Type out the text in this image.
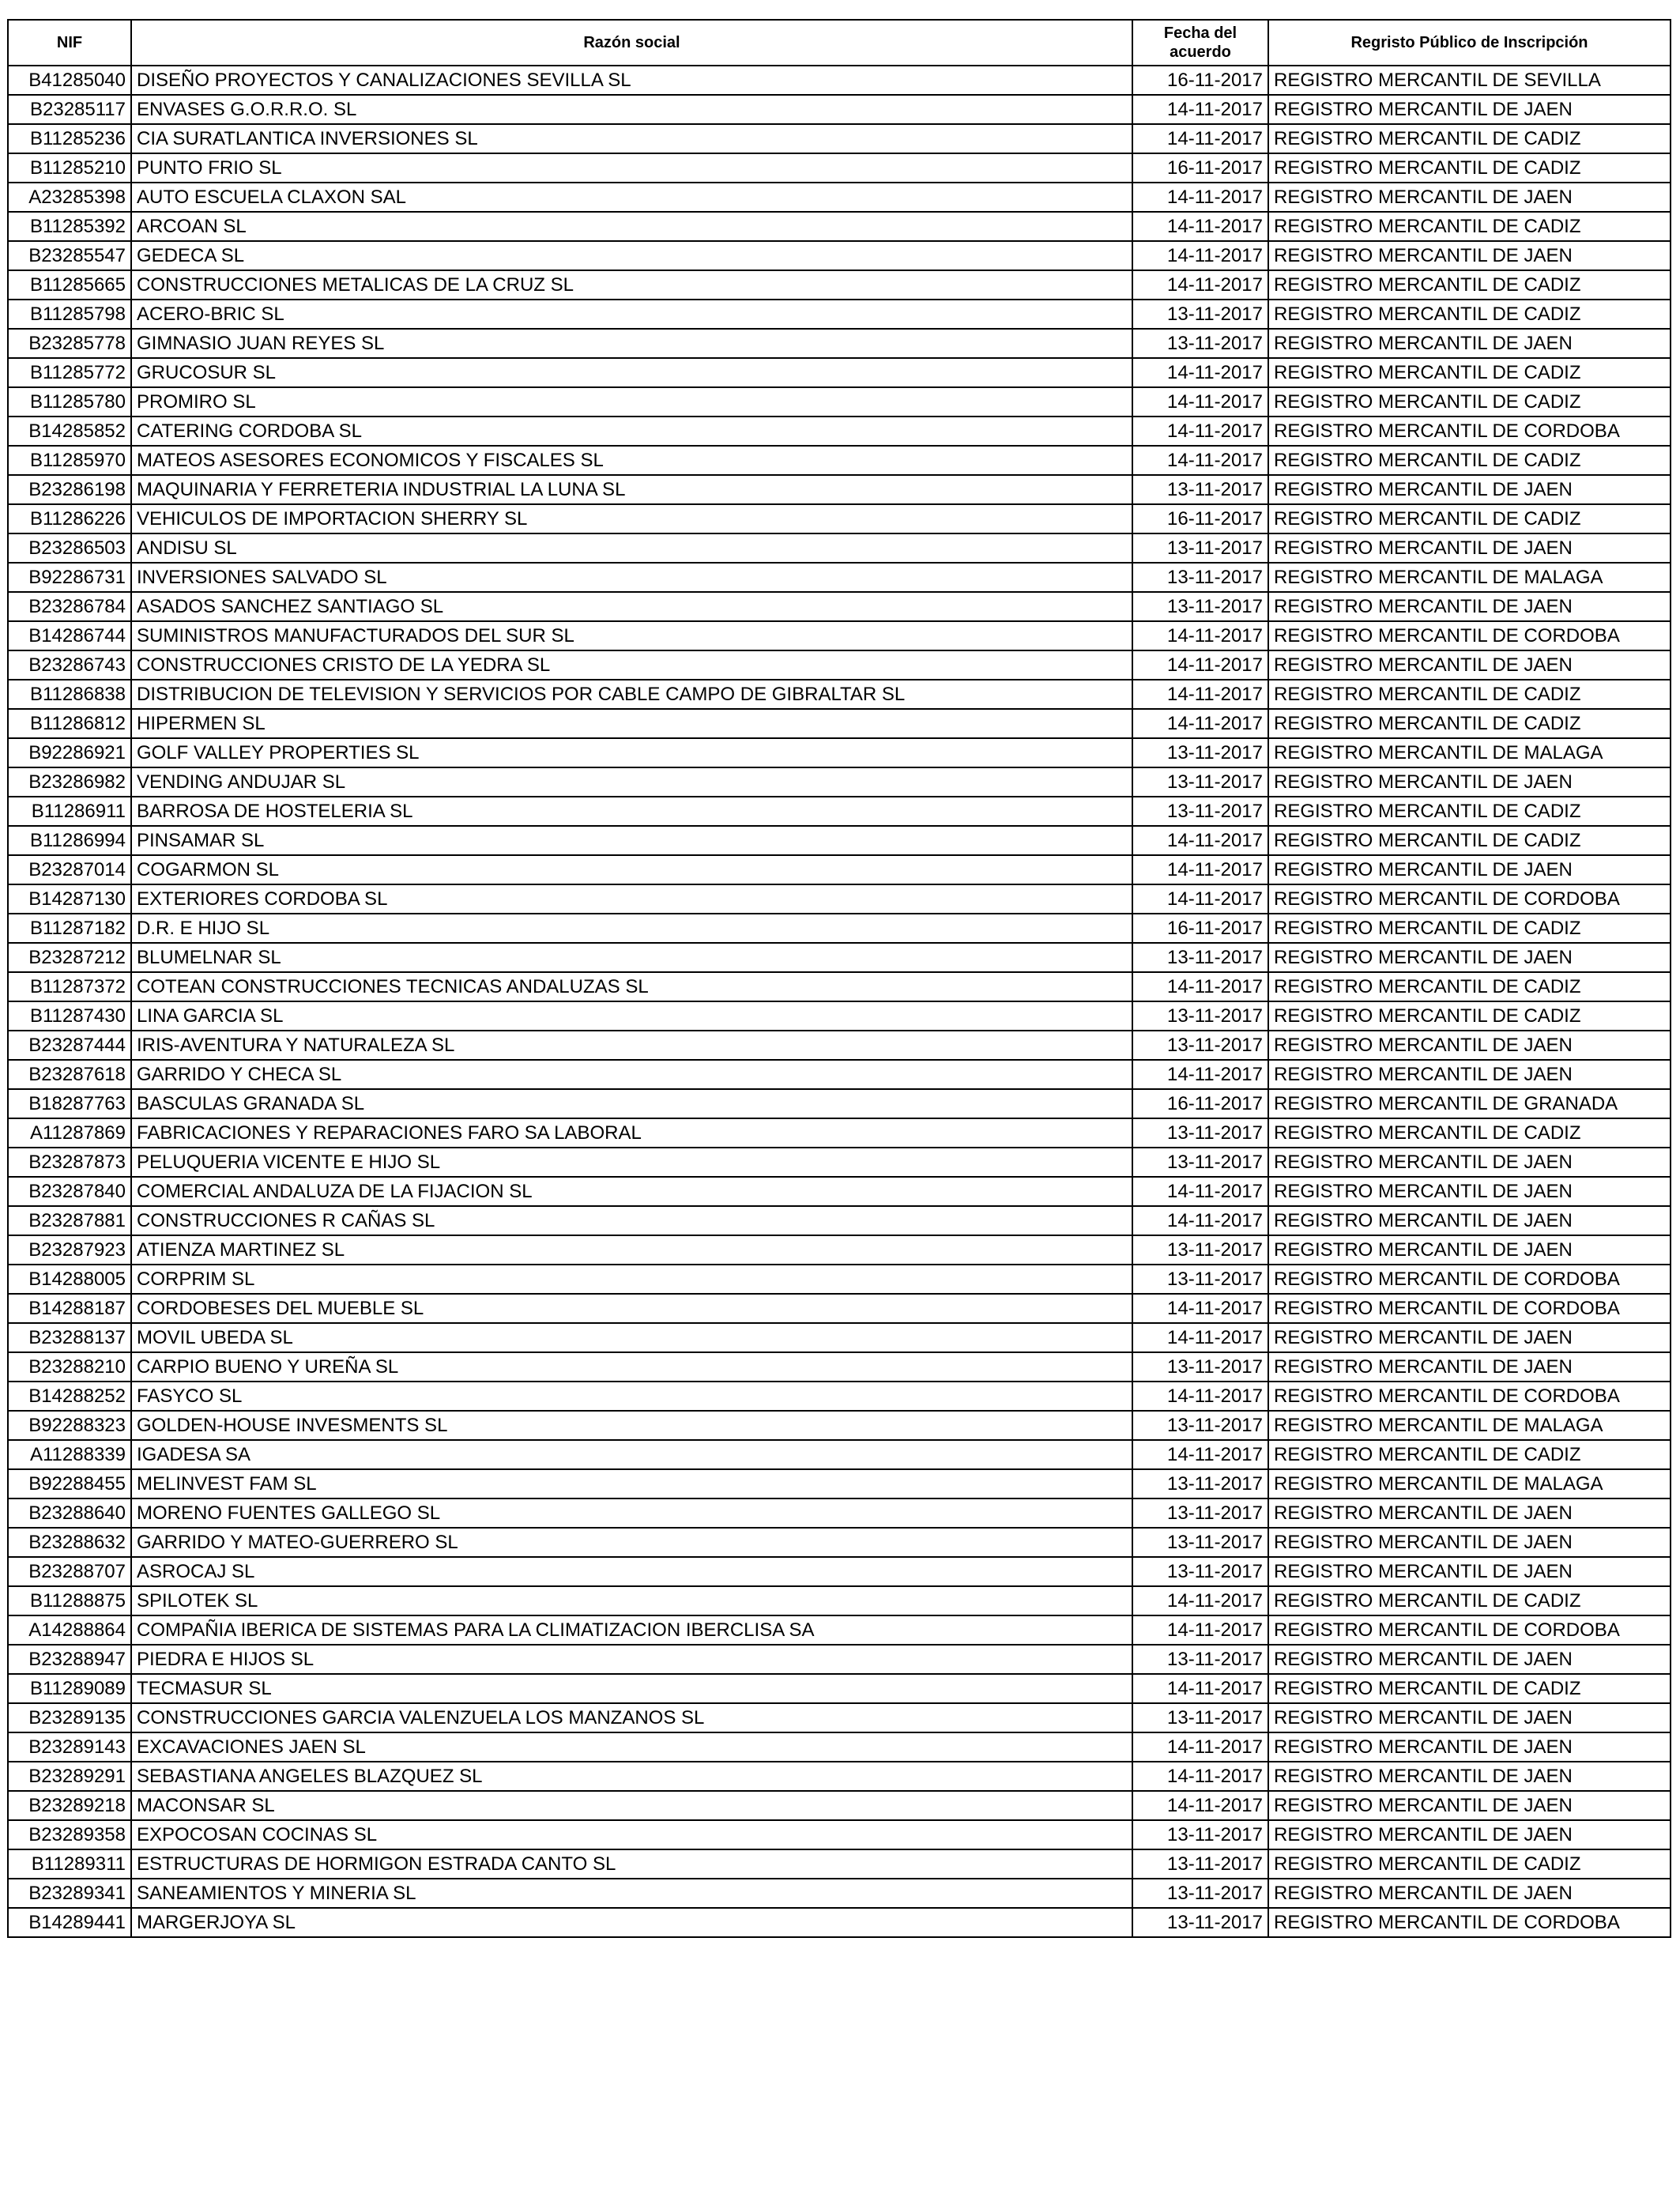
NIF	Razón social	Fecha del acuerdo	Regristo Público de Inscripción
B41285040	DISEÑO PROYECTOS Y CANALIZACIONES SEVILLA SL	16-11-2017	REGISTRO MERCANTIL DE SEVILLA
B23285117	ENVASES G.O.R.R.O. SL	14-11-2017	REGISTRO MERCANTIL DE JAEN
B11285236	CIA SURATLANTICA INVERSIONES SL	14-11-2017	REGISTRO MERCANTIL DE CADIZ
B11285210	PUNTO FRIO SL	16-11-2017	REGISTRO MERCANTIL DE CADIZ
A23285398	AUTO ESCUELA CLAXON SAL	14-11-2017	REGISTRO MERCANTIL DE JAEN
B11285392	ARCOAN SL	14-11-2017	REGISTRO MERCANTIL DE CADIZ
B23285547	GEDECA SL	14-11-2017	REGISTRO MERCANTIL DE JAEN
B11285665	CONSTRUCCIONES METALICAS DE LA CRUZ SL	14-11-2017	REGISTRO MERCANTIL DE CADIZ
B11285798	ACERO-BRIC SL	13-11-2017	REGISTRO MERCANTIL DE CADIZ
B23285778	GIMNASIO JUAN REYES SL	13-11-2017	REGISTRO MERCANTIL DE JAEN
B11285772	GRUCOSUR SL	14-11-2017	REGISTRO MERCANTIL DE CADIZ
B11285780	PROMIRO SL	14-11-2017	REGISTRO MERCANTIL DE CADIZ
B14285852	CATERING CORDOBA SL	14-11-2017	REGISTRO MERCANTIL DE CORDOBA
B11285970	MATEOS ASESORES ECONOMICOS Y FISCALES SL	14-11-2017	REGISTRO MERCANTIL DE CADIZ
B23286198	MAQUINARIA Y FERRETERIA INDUSTRIAL LA LUNA SL	13-11-2017	REGISTRO MERCANTIL DE JAEN
B11286226	VEHICULOS DE IMPORTACION SHERRY SL	16-11-2017	REGISTRO MERCANTIL DE CADIZ
B23286503	ANDISU SL	13-11-2017	REGISTRO MERCANTIL DE JAEN
B92286731	INVERSIONES SALVADO SL	13-11-2017	REGISTRO MERCANTIL DE MALAGA
B23286784	ASADOS SANCHEZ SANTIAGO SL	13-11-2017	REGISTRO MERCANTIL DE JAEN
B14286744	SUMINISTROS MANUFACTURADOS DEL SUR SL	14-11-2017	REGISTRO MERCANTIL DE CORDOBA
B23286743	CONSTRUCCIONES CRISTO DE LA YEDRA SL	14-11-2017	REGISTRO MERCANTIL DE JAEN
B11286838	DISTRIBUCION DE TELEVISION Y SERVICIOS POR CABLE CAMPO DE GIBRALTAR SL	14-11-2017	REGISTRO MERCANTIL DE CADIZ
B11286812	HIPERMEN SL	14-11-2017	REGISTRO MERCANTIL DE CADIZ
B92286921	GOLF VALLEY PROPERTIES SL	13-11-2017	REGISTRO MERCANTIL DE MALAGA
B23286982	VENDING ANDUJAR SL	13-11-2017	REGISTRO MERCANTIL DE JAEN
B11286911	BARROSA DE HOSTELERIA SL	13-11-2017	REGISTRO MERCANTIL DE CADIZ
B11286994	PINSAMAR SL	14-11-2017	REGISTRO MERCANTIL DE CADIZ
B23287014	COGARMON SL	14-11-2017	REGISTRO MERCANTIL DE JAEN
B14287130	EXTERIORES CORDOBA SL	14-11-2017	REGISTRO MERCANTIL DE CORDOBA
B11287182	D.R. E HIJO SL	16-11-2017	REGISTRO MERCANTIL DE CADIZ
B23287212	BLUMELNAR SL	13-11-2017	REGISTRO MERCANTIL DE JAEN
B11287372	COTEAN CONSTRUCCIONES TECNICAS ANDALUZAS SL	14-11-2017	REGISTRO MERCANTIL DE CADIZ
B11287430	LINA GARCIA SL	13-11-2017	REGISTRO MERCANTIL DE CADIZ
B23287444	IRIS-AVENTURA Y NATURALEZA SL	13-11-2017	REGISTRO MERCANTIL DE JAEN
B23287618	GARRIDO Y CHECA SL	14-11-2017	REGISTRO MERCANTIL DE JAEN
B18287763	BASCULAS GRANADA SL	16-11-2017	REGISTRO MERCANTIL DE GRANADA
A11287869	FABRICACIONES Y REPARACIONES FARO SA LABORAL	13-11-2017	REGISTRO MERCANTIL DE CADIZ
B23287873	PELUQUERIA VICENTE E HIJO SL	13-11-2017	REGISTRO MERCANTIL DE JAEN
B23287840	COMERCIAL ANDALUZA DE LA FIJACION SL	14-11-2017	REGISTRO MERCANTIL DE JAEN
B23287881	CONSTRUCCIONES R CAÑAS SL	14-11-2017	REGISTRO MERCANTIL DE JAEN
B23287923	ATIENZA MARTINEZ SL	13-11-2017	REGISTRO MERCANTIL DE JAEN
B14288005	CORPRIM SL	13-11-2017	REGISTRO MERCANTIL DE CORDOBA
B14288187	CORDOBESES DEL MUEBLE SL	14-11-2017	REGISTRO MERCANTIL DE CORDOBA
B23288137	MOVIL UBEDA SL	14-11-2017	REGISTRO MERCANTIL DE JAEN
B23288210	CARPIO BUENO Y UREÑA SL	13-11-2017	REGISTRO MERCANTIL DE JAEN
B14288252	FASYCO SL	14-11-2017	REGISTRO MERCANTIL DE CORDOBA
B92288323	GOLDEN-HOUSE INVESMENTS SL	13-11-2017	REGISTRO MERCANTIL DE MALAGA
A11288339	IGADESA SA	14-11-2017	REGISTRO MERCANTIL DE CADIZ
B92288455	MELINVEST FAM SL	13-11-2017	REGISTRO MERCANTIL DE MALAGA
B23288640	MORENO FUENTES GALLEGO SL	13-11-2017	REGISTRO MERCANTIL DE JAEN
B23288632	GARRIDO Y MATEO-GUERRERO SL	13-11-2017	REGISTRO MERCANTIL DE JAEN
B23288707	ASROCAJ SL	13-11-2017	REGISTRO MERCANTIL DE JAEN
B11288875	SPILOTEK SL	14-11-2017	REGISTRO MERCANTIL DE CADIZ
A14288864	COMPAÑIA IBERICA DE SISTEMAS PARA LA CLIMATIZACION IBERCLISA SA	14-11-2017	REGISTRO MERCANTIL DE CORDOBA
B23288947	PIEDRA E HIJOS SL	13-11-2017	REGISTRO MERCANTIL DE JAEN
B11289089	TECMASUR SL	14-11-2017	REGISTRO MERCANTIL DE CADIZ
B23289135	CONSTRUCCIONES GARCIA VALENZUELA LOS MANZANOS SL	13-11-2017	REGISTRO MERCANTIL DE JAEN
B23289143	EXCAVACIONES JAEN SL	14-11-2017	REGISTRO MERCANTIL DE JAEN
B23289291	SEBASTIANA ANGELES BLAZQUEZ SL	14-11-2017	REGISTRO MERCANTIL DE JAEN
B23289218	MACONSAR SL	14-11-2017	REGISTRO MERCANTIL DE JAEN
B23289358	EXPOCOSAN COCINAS SL	13-11-2017	REGISTRO MERCANTIL DE JAEN
B11289311	ESTRUCTURAS DE HORMIGON ESTRADA CANTO SL	13-11-2017	REGISTRO MERCANTIL DE CADIZ
B23289341	SANEAMIENTOS Y MINERIA SL	13-11-2017	REGISTRO MERCANTIL DE JAEN
B14289441	MARGERJOYA SL	13-11-2017	REGISTRO MERCANTIL DE CORDOBA
